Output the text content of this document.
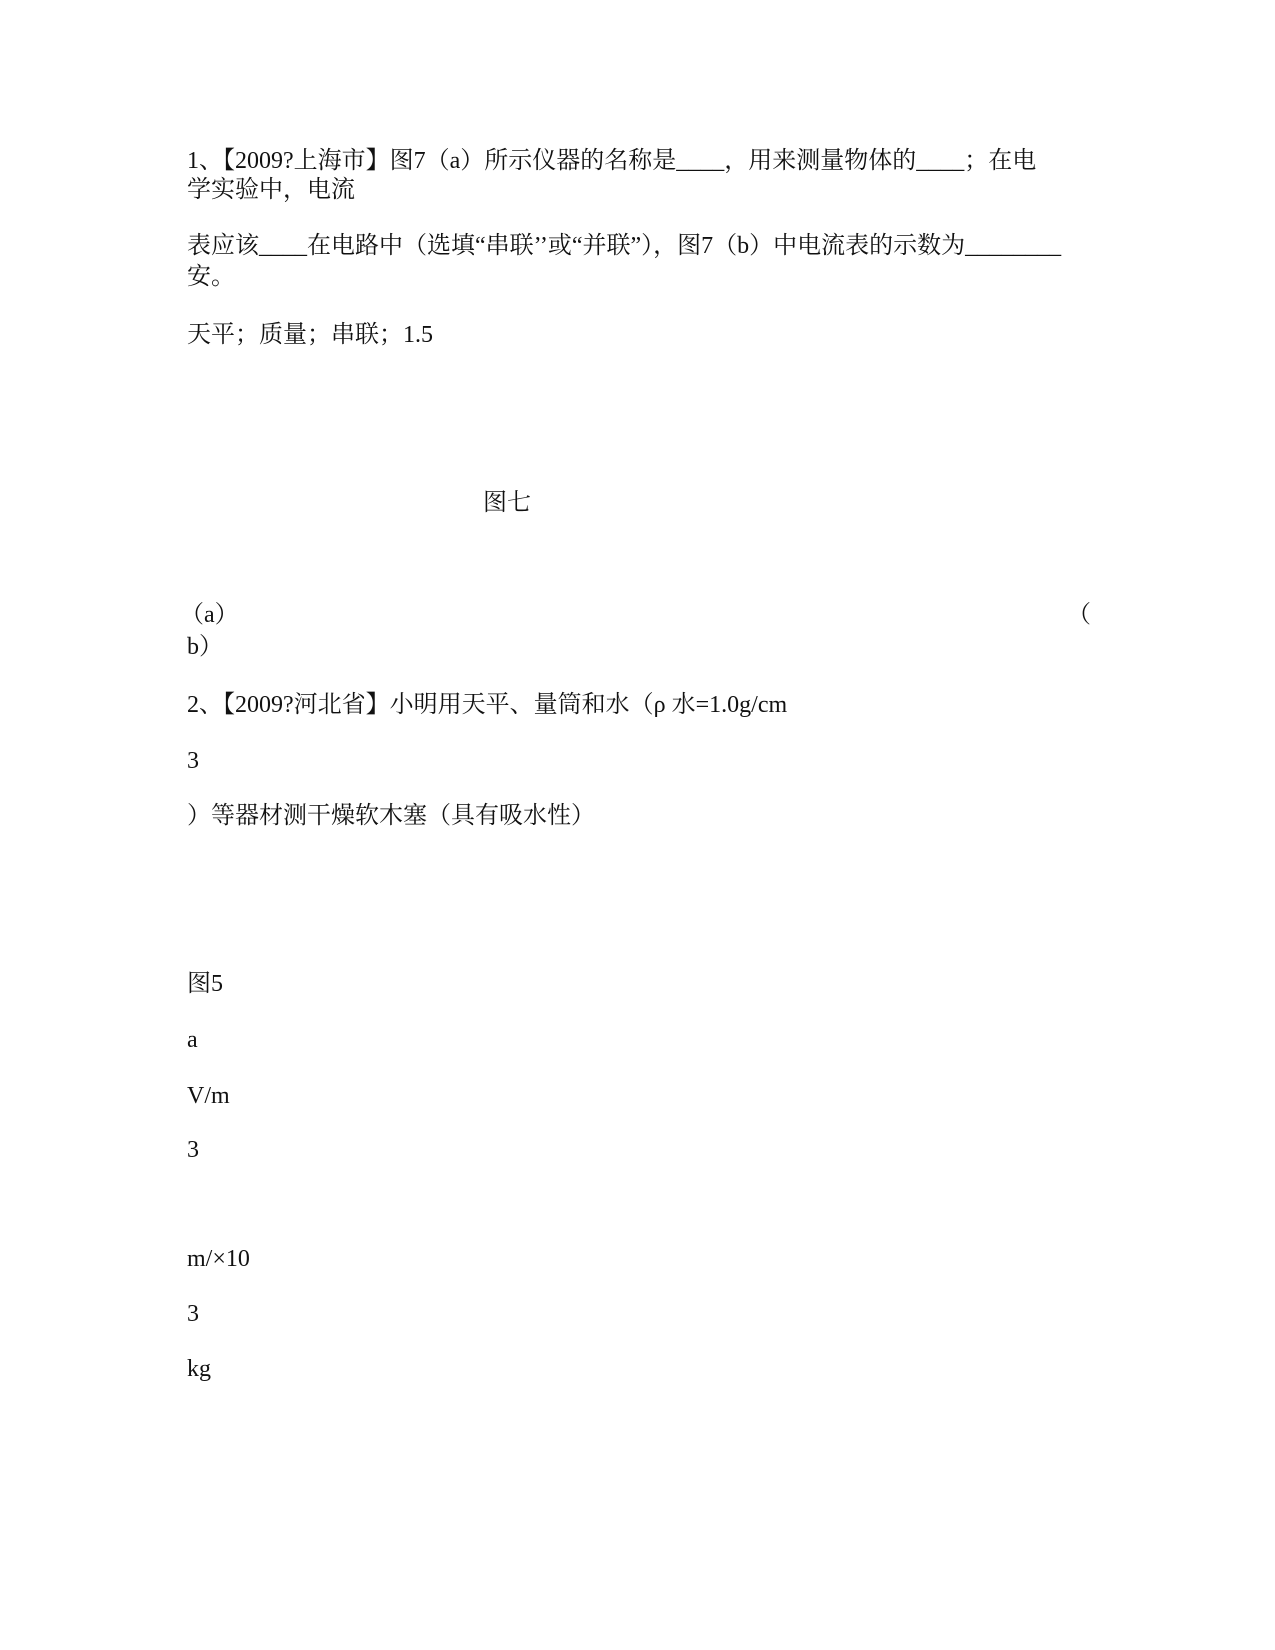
1、【2009?上海市】图7（a）所示仪器的名称是____，用来测量物体的____；在电

学实验中，电流

表应该____在电路中（选填“串联’’或“并联”），图7（b）中电流表的示数为________

安。

天平；质量；串联；1.5

图七

（a）	（

b）

2、【2009?河北省】小明用天平、量筒和水（ρ 水=1.0g/cm

3

）等器材测干燥软木塞（具有吸水性）

图5

a

V/m

3

m/×10

3

kg
